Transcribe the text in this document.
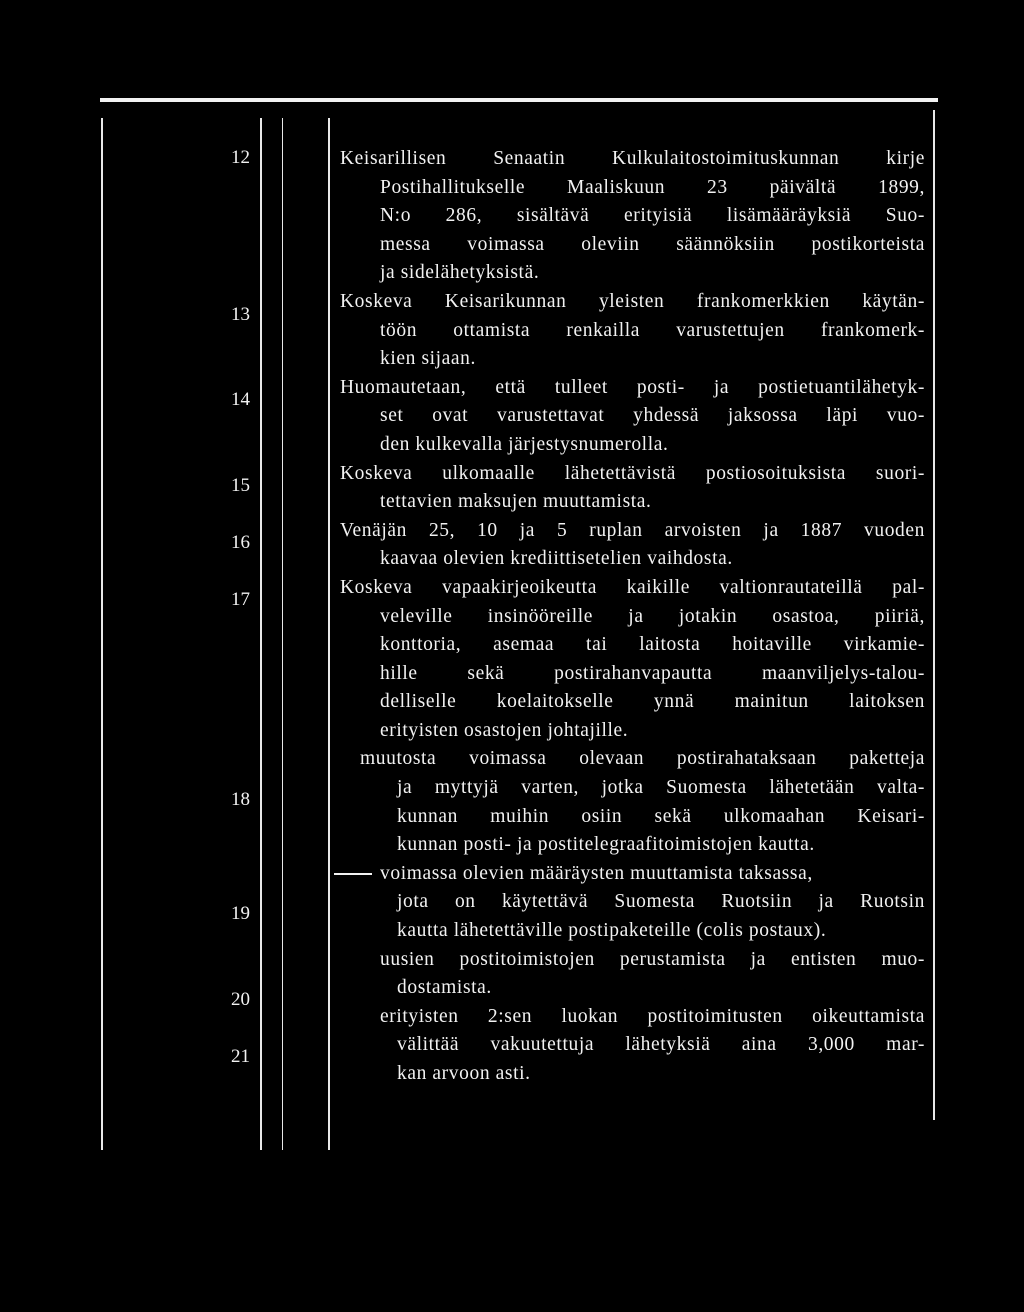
12
13
14
15
16
17
18
19
20
21
Keisarillisen Senaatin Kulkulaitostoimituskunnan kirje
Postihallitukselle Maaliskuun 23 päivältä 1899,
N:o 286, sisältävä erityisiä lisämääräyksiä Suo-
messa voimassa oleviin säännöksiin postikorteista
ja sidelähetyksistä.
Koskeva Keisarikunnan yleisten frankomerkkien käytän-
töön ottamista renkailla varustettujen frankomerk-
kien sijaan.
Huomautetaan, että tulleet posti- ja postietuantilähetyk-
set ovat varustettavat yhdessä jaksossa läpi vuo-
den kulkevalla järjestysnumerolla.
Koskeva ulkomaalle lähetettävistä postiosoituksista suori-
tettavien maksujen muuttamista.
Venäjän 25, 10 ja 5 ruplan arvoisten ja 1887 vuoden
kaavaa olevien krediittisetelien vaihdosta.
Koskeva vapaakirjeoikeutta kaikille valtionrautateillä pal-
veleville insinööreille ja jotakin osastoa, piiriä,
konttoria, asemaa tai laitosta hoitaville virkamie-
hille sekä postirahanvapautta maanviljelys-talou-
delliselle koelaitokselle ynnä mainitun laitoksen
erityisten osastojen johtajille.
muutosta voimassa olevaan postirahataksaan paketteja
ja myttyjä varten, jotka Suomesta lähetetään valta-
kunnan muihin osiin sekä ulkomaahan Keisari-
kunnan posti- ja postitelegraafitoimistojen kautta.
voimassa olevien määräysten muuttamista taksassa,
jota on käytettävä Suomesta Ruotsiin ja Ruotsin
kautta lähetettäville postipaketeille (colis postaux).
uusien postitoimistojen perustamista ja entisten muo-
dostamista.
erityisten 2:sen luokan postitoimitusten oikeuttamista
välittää vakuutettuja lähetyksiä aina 3,000 mar-
kan arvoon asti.
